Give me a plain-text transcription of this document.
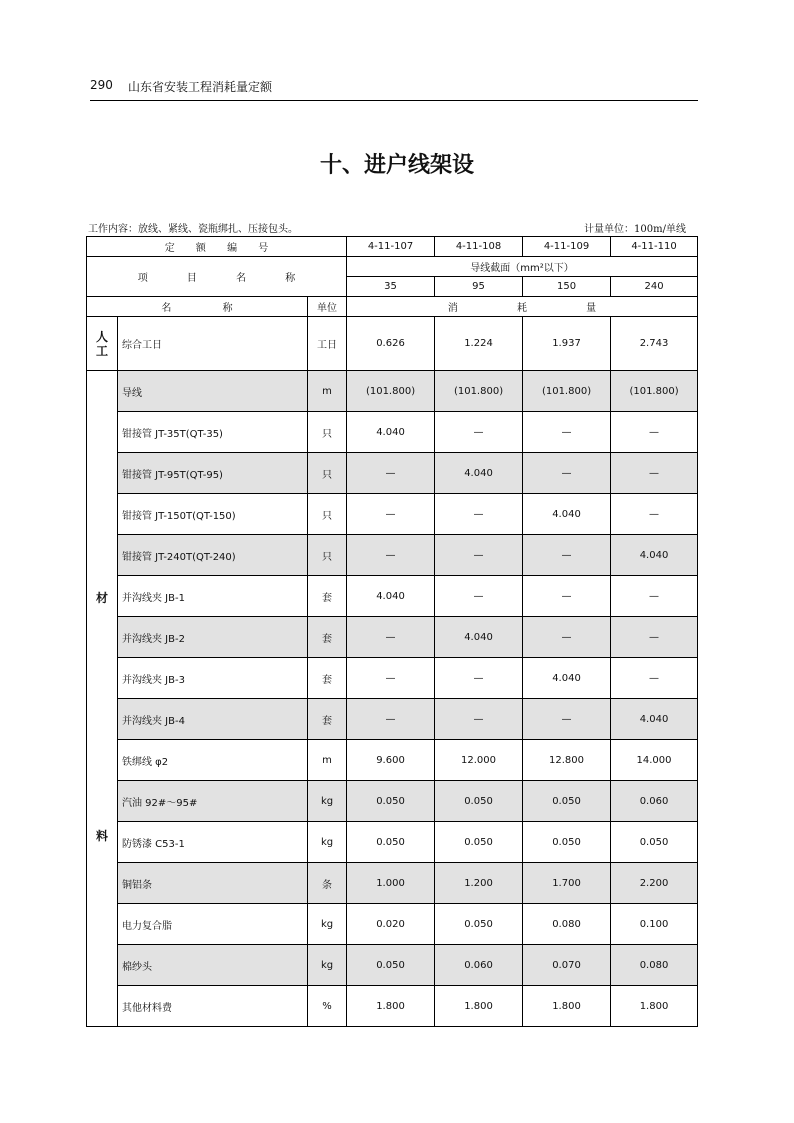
290 山东省安装工程消耗量定额
十、进户线架设
工作内容：放线、紧线、瓷瓶绑扎、压接包头。	计量单位：100m/单线
定 额 编 号			4-11-107	4-11-108	4-11-109	4-11-110
项 目 名 称			导线截面（mm²以下）			
			35	95	150	240
名 称		单位	消 耗 量			

人
工	综合工日	工日	0.626	1.224	1.937	2.743

材
料	导线	m	(101.800)	(101.800)	(101.800)	(101.800)
	钳接管 JT-35T(QT-35)	只	4.040	—	—	—
	钳接管 JT-95T(QT-95)	只	—	4.040	—	—
	钳接管 JT-150T(QT-150)	只	—	—	4.040	—
	钳接管 JT-240T(QT-240)	只	—	—	—	4.040
	并沟线夹 JB-1	套	4.040	—	—	—
	并沟线夹 JB-2	套	—	4.040	—	—
	并沟线夹 JB-3	套	—	—	4.040	—
	并沟线夹 JB-4	套	—	—	—	4.040
	铁绑线 φ2	m	9.600	12.000	12.800	14.000
	汽油 92#～95#	kg	0.050	0.050	0.050	0.060
	防锈漆 C53-1	kg	0.050	0.050	0.050	0.050
	铜铝条	条	1.000	1.200	1.700	2.200
	电力复合脂	kg	0.020	0.050	0.080	0.100
	棉纱头	kg	0.050	0.060	0.070	0.080
	其他材料费	%	1.800	1.800	1.800	1.800
